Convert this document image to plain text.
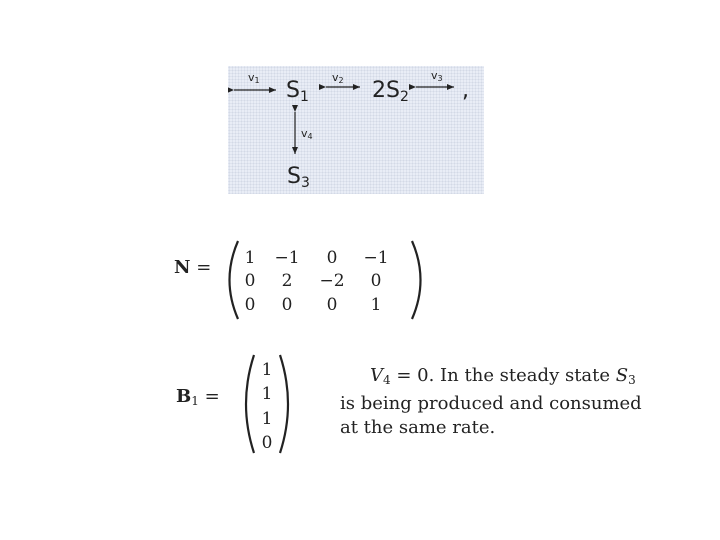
$v_1$ $S_1$
$v_2$ $2S_2$
$v_3$ ,
$v_4$
$S_3$
N =	1	−1	0	−1
0	2	−2	0
0	0	0	1
B1 =
1
1
1
0
$V_4 = 0$. In the steady state $S_3$
is being produced and consumed
at the same rate.
